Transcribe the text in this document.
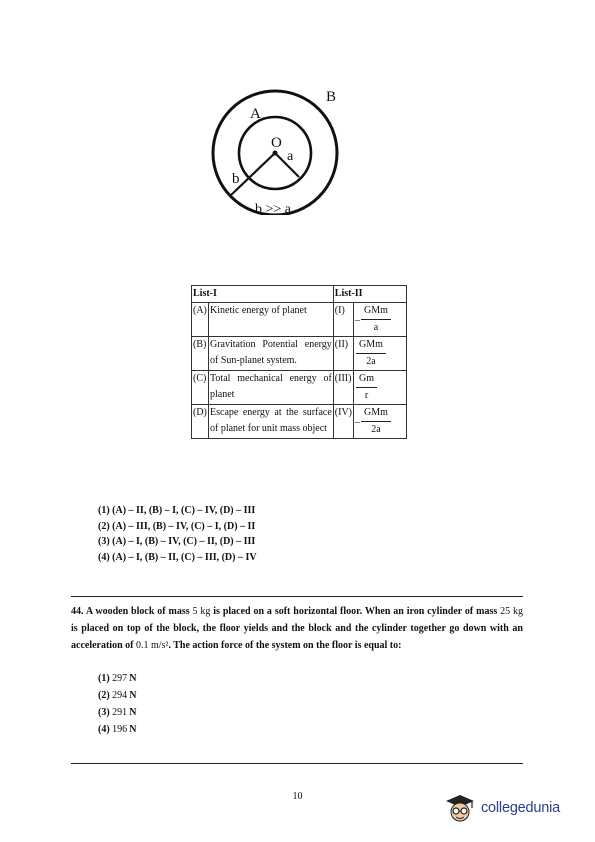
B
A
O
a
b
b >> a
List-I		List-II	
(A)	Kinetic energy of planet	(I)	–
GMm
a

(B)	Gravitation Potential energy of Sun-planet system.	(II)	GMm
2a

(C)	Total mechanical energy of planet	(III)	$\frac{Gm}{r}$

(D)	Escape energy at the surface of planet for unit mass object	(IV)	–
GMm
2a
(1) (A) – II, (B) – I, (C) – IV, (D) – III
(2) (A) – III, (B) – IV, (C) – I, (D) – II
(3) (A) – I, (B) – IV, (C) – II, (D) – III
(4) (A) – I, (B) – II, (C) – III, (D) – IV
44. A wooden block of mass 5 kg is placed on a soft horizontal floor. When an iron cylinder of mass 25 kg is placed on top of the block, the floor yields and the block and the cylinder together go down with an acceleration of 0.1 m/s². The action force of the system on the floor is equal to:
(1) 297  N
(2) 294  N
(3) 291  N
(4) 196  N
10
collegedunia
